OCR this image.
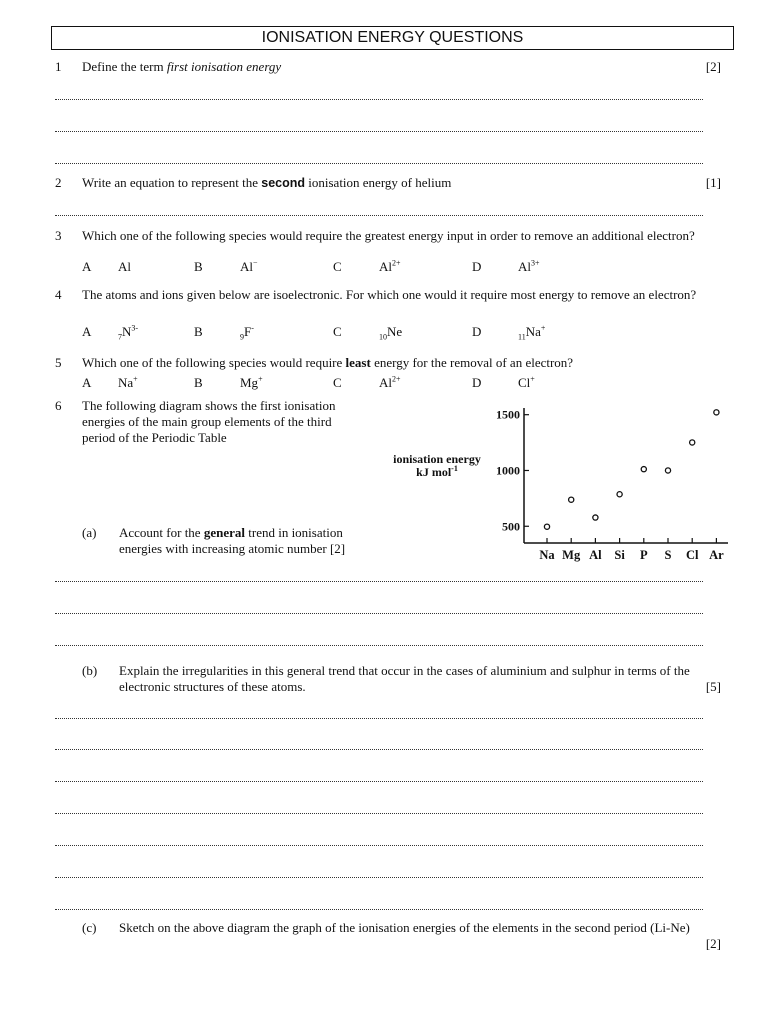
IONISATION ENERGY QUESTIONS
1 Define the term first ionisation energy	[2]
2 Write an equation to represent the second ionisation energy of helium	[1]
3 Which one of the following species would require the greatest energy input in order to remove an additional electron?
A Al	B	Al−	C	$Al^{2+}$	D	$Al^{3+}$
4 The atoms and ions given below are isoelectronic. For which one would it require most energy to remove an electron?
A	$_7N^{3-}$	B	$_9$F-	C	$_{10}$Ne	D	$_{11}$Na+
5 Which one of the following species would require least energy for the removal of an electron?
A Na+	B	Mg+	C	$Al^{2+}$	D	Cl+
6 The following diagram shows the first ionisation energies of the main group elements of the third period of the Periodic Table
ionisation energy
kJ mol$^{-1}$
500
1000
1500
Na Mg Al Si P S Cl Ar
(a) Account for the general trend in ionisation energies with increasing atomic number [2]
(b) Explain the irregularities in this general trend that occur in the cases of aluminium and sulphur in terms of the electronic structures of these atoms.	[5]
(c) Sketch on the above diagram the graph of the ionisation energies of the elements in the second period (Li-Ne)
[2]
